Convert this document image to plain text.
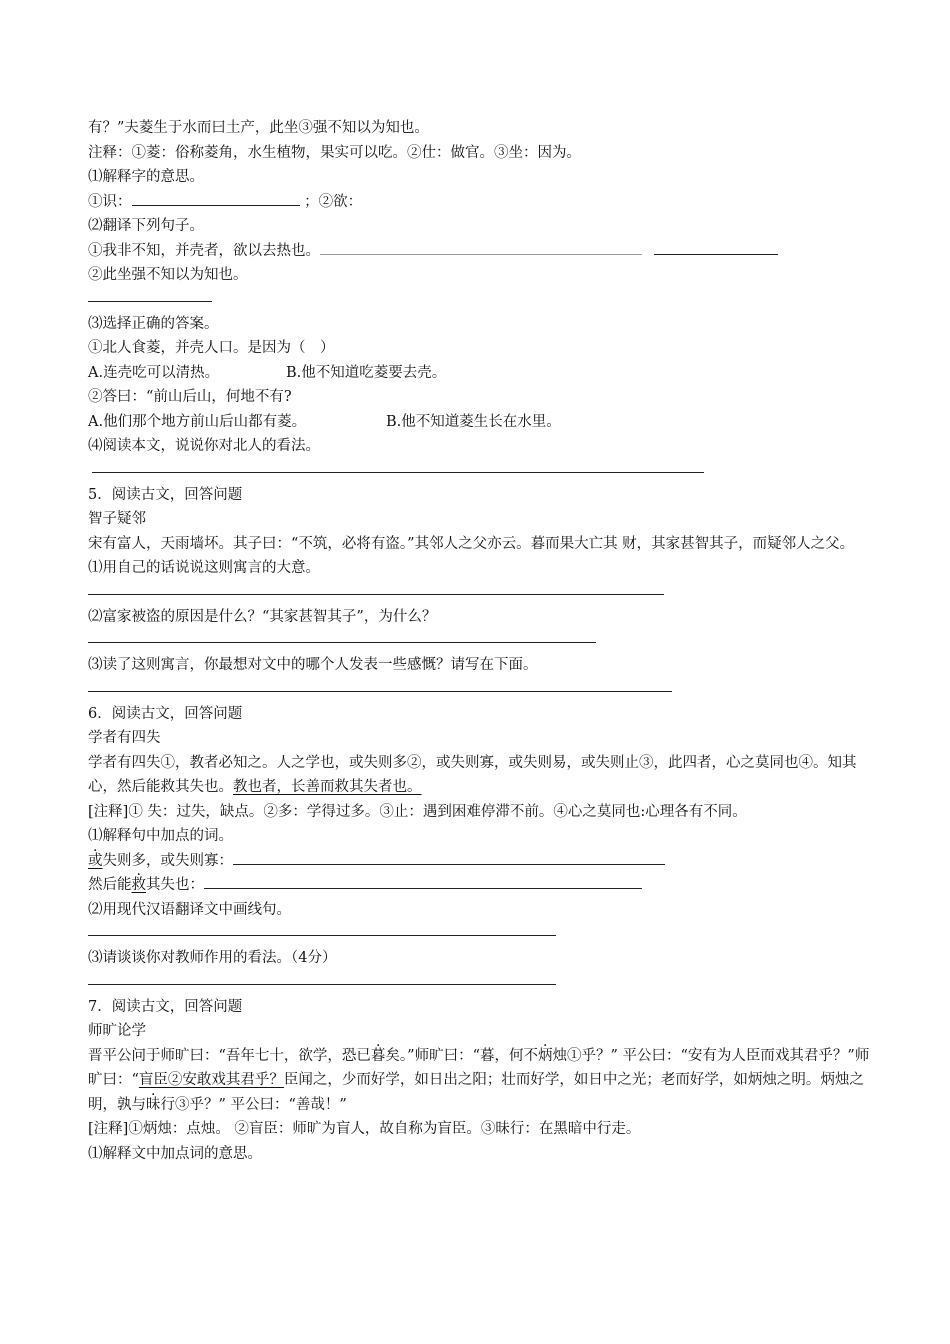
有？”夫菱生于水而曰土产，此坐③强不知以为知也。
注释：①菱：俗称菱角，水生植物，果实可以吃。②仕：做官。③坐：因为。
⑴解释字的意思。
①识：	；②欲：
⑵翻译下列句子。
①我非不知，并壳者，欲以去热也。
②此坐强不知以为知也。
⑶选择正确的答案。
①北人食菱，并壳人口。是因为（　）
A.连壳吃可以清热。	B.他不知道吃菱要去壳。
②答曰：“前山后山，何地不有?
A.他们那个地方前山后山都有菱。	B.他不知道菱生长在水里。
⑷阅读本文，说说你对北人的看法。
5．阅读古文，回答问题
智子疑邻
宋有富人，天雨墙坏。其子曰：“不筑，必将有盗。”其邻人之父亦云。暮而果大亡其 财，其家甚智其子，而疑邻人之父。
⑴用自己的话说说这则寓言的大意。
⑵富家被盗的原因是什么？“其家甚智其子”，为什么？
⑶读了这则寓言，你最想对文中的哪个人发表一些感慨？请写在下面。
6．阅读古文，回答问题
学者有四失
学者有四失①，教者必知之。人之学也，或失则多②，或失则寡，或失则易，或失则止③，此四者，心之莫同也④。知其心，然后能救其失也。教也者，长善而救其失者也。
[注释]① 失：过失，缺点。②多：学得过多。③止：遇到困难停滞不前。④心之莫同也:心理各有不同。
⑴解释句中加点的词。
或失则多，或失则寡：
然后能救其失也：
⑵用现代汉语翻译文中画线句。
⑶请谈谈你对教师作用的看法。（4分）
7．阅读古文，回答问题
师旷论学
晋平公问于师旷曰：“吾年七十，欲学，恐已暮矣。”师旷曰：“暮，何不炳烛①乎？” 平公曰：“安有为人臣而戏其君乎？”师旷曰：“盲臣②安敢戏其君乎？臣闻之，少而好学，如日出之阳；壮而好学，如日中之光；老而好学，如炳烛之明。炳烛之明，孰与昧行③乎？” 平公曰：“善哉！”
[注释]①炳烛：点烛。 ②盲臣：师旷为盲人，故自称为盲臣。③昧行：在黑暗中行走。
⑴解释文中加点词的意思。
